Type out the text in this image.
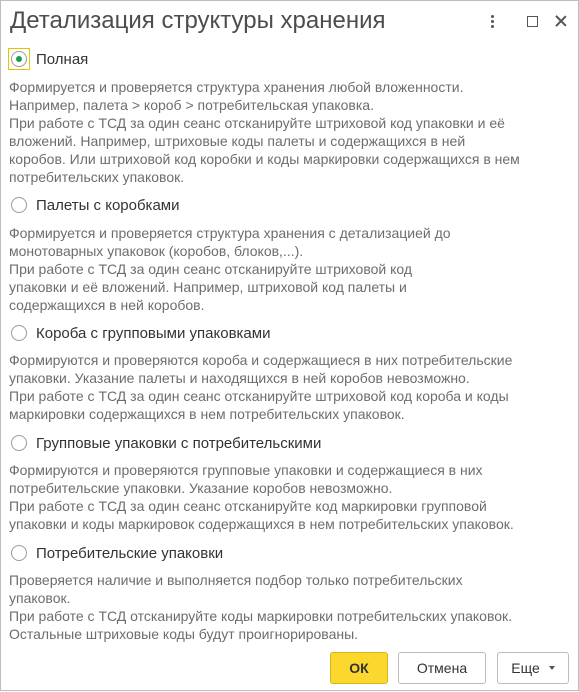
Детализация структуры хранения
Полная
Формируется и проверяется структура хранения любой вложенности.
Например, палета > короб > потребительская упаковка.
При работе с ТСД за один сеанс отсканируйте штриховой код упаковки и её
вложений. Например, штриховые коды палеты и содержащихся в ней
коробов. Или штриховой код коробки и коды маркировки содержащихся в нем
потребительских упаковок.
Палеты с коробками
Формируется и проверяется структура хранения с детализацией до
монотоварных упаковок (коробов, блоков,...).
При работе с ТСД за один сеанс отсканируйте штриховой код
упаковки и её вложений. Например, штриховой код палеты и
содержащихся в ней коробов.
Короба с групповыми упаковками
Формируются и проверяются короба и содержащиеся в них потребительские
упаковки. Указание палеты и находящихся в ней коробов невозможно.
При работе с ТСД за один сеанс отсканируйте штриховой код короба и коды
маркировки содержащихся в нем потребительских упаковок.
Групповые упаковки с потребительскими
Формируются и проверяются групповые упаковки и содержащиеся в них
потребительские упаковки. Указание коробов невозможно.
При работе с ТСД за один сеанс отсканируйте код маркировки групповой
упаковки и коды маркировок содержащихся в нем потребительских упаковок.
Потребительские упаковки
Проверяется наличие и выполняется подбор только потребительских
упаковок.
При работе с ТСД отсканируйте коды маркировки потребительских упаковок.
Остальные штриховые коды будут проигнорированы.
ОК	Отмена	Еще
